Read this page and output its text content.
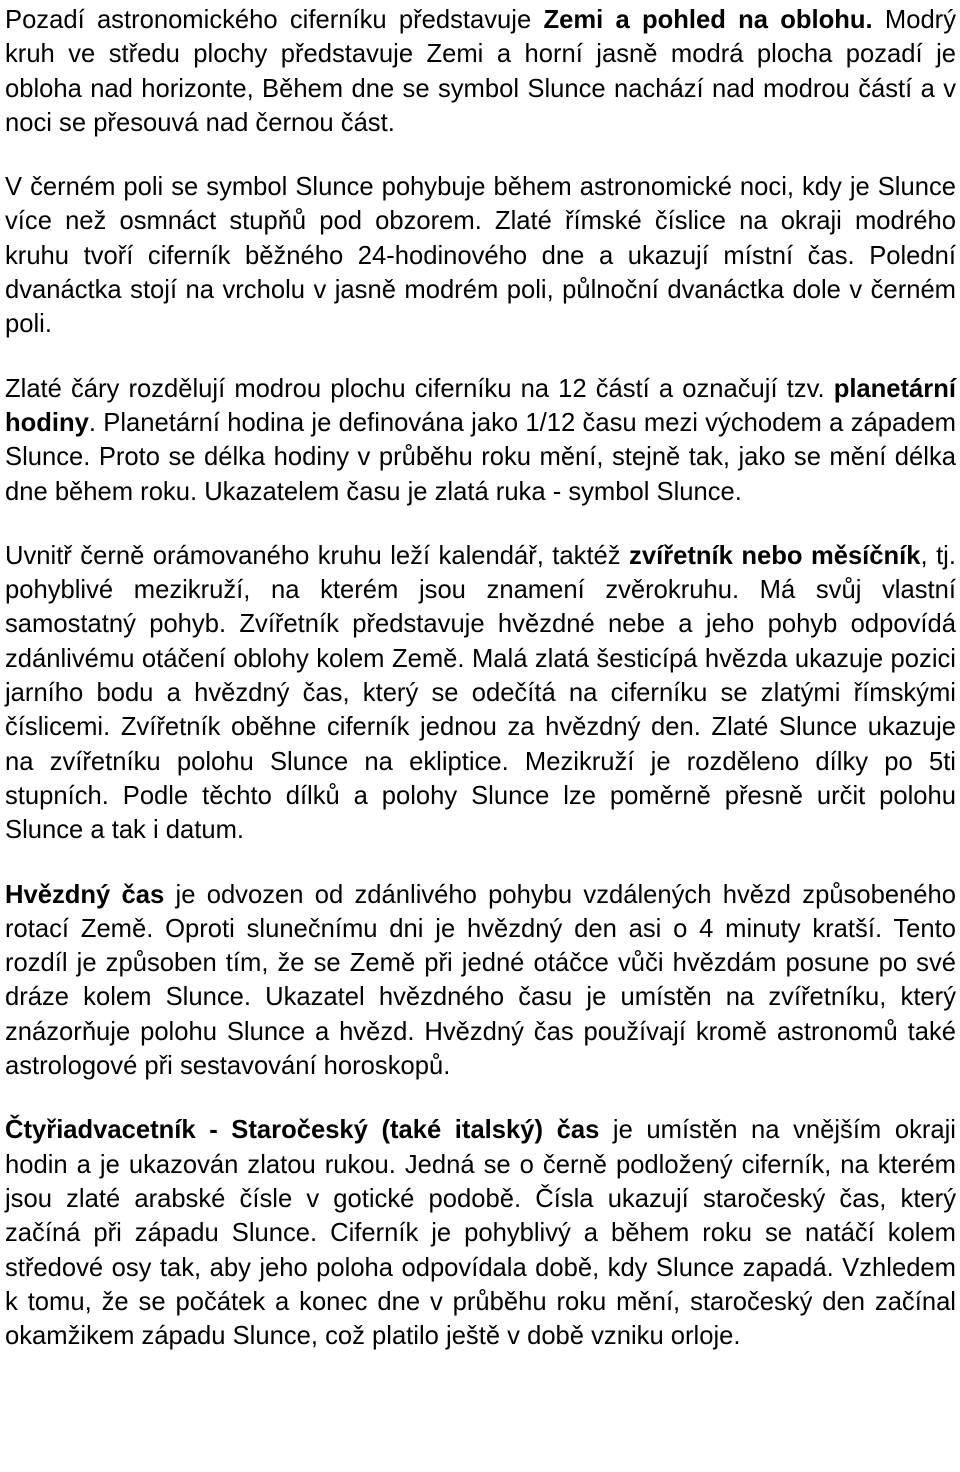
Pozadí astronomického ciferníku představuje Zemi a pohled na oblohu. Modrý kruh ve středu plochy představuje Zemi a horní jasně modrá plocha pozadí je obloha nad horizonte, Během dne se symbol Slunce nachází nad modrou částí a v noci se přesouvá nad černou část.

V černém poli se symbol Slunce pohybuje během astronomické noci, kdy je Slunce více než osmnáct stupňů pod obzorem. Zlaté římské číslice na okraji modrého kruhu tvoří ciferník běžného 24-hodinového dne a ukazují místní čas. Polední dvanáctka stojí na vrcholu v jasně modrém poli, půlnoční dvanáctka dole v černém poli.

Zlaté čáry rozdělují modrou plochu ciferníku na 12 částí a označují tzv. planetární hodiny. Planetární hodina je definována jako 1/12 času mezi východem a západem Slunce. Proto se délka hodiny v průběhu roku mění, stejně tak, jako se mění délka dne během roku. Ukazatelem času je zlatá ruka - symbol Slunce.

Uvnitř černě orámovaného kruhu leží kalendář, taktéž zvířetník nebo měsíčník, tj. pohyblivé mezikruží, na kterém jsou znamení zvěrokruhu. Má svůj vlastní samostatný pohyb. Zvířetník představuje hvězdné nebe a jeho pohyb odpovídá zdánlivému otáčení oblohy kolem Země. Malá zlatá šesticípá hvězda ukazuje pozici jarního bodu a hvězdný čas, který se odečítá na ciferníku se zlatými římskými číslicemi. Zvířetník oběhne ciferník jednou za hvězdný den. Zlaté Slunce ukazuje na zvířetníku polohu Slunce na ekliptice. Mezikruží je rozděleno dílky po 5ti stupních. Podle těchto dílků a polohy Slunce lze poměrně přesně určit polohu Slunce a tak i datum.

Hvězdný čas je odvozen od zdánlivého pohybu vzdálených hvězd způsobeného rotací Země. Oproti slunečnímu dni je hvězdný den asi o 4 minuty kratší. Tento rozdíl je způsoben tím, že se Země při jedné otáčce vůči hvězdám posune po své dráze kolem Slunce. Ukazatel hvězdného času je umístěn na zvířetníku, který znázorňuje polohu Slunce a hvězd. Hvězdný čas používají kromě astronomů také astrologové při sestavování horoskopů.

Čtyřiadvacetník - Staročeský (také italský) čas je umístěn na vnějším okraji hodin a je ukazován zlatou rukou. Jedná se o černě podložený ciferník, na kterém jsou zlaté arabské čísle v gotické podobě. Čísla ukazují staročeský čas, který začíná při západu Slunce. Ciferník je pohyblivý a během roku se natáčí kolem středové osy tak, aby jeho poloha odpovídala době, kdy Slunce zapadá. Vzhledem k tomu, že se počátek a konec dne v průběhu roku mění, staročeský den začínal okamžikem západu Slunce, což platilo ještě v době vzniku orloje.
